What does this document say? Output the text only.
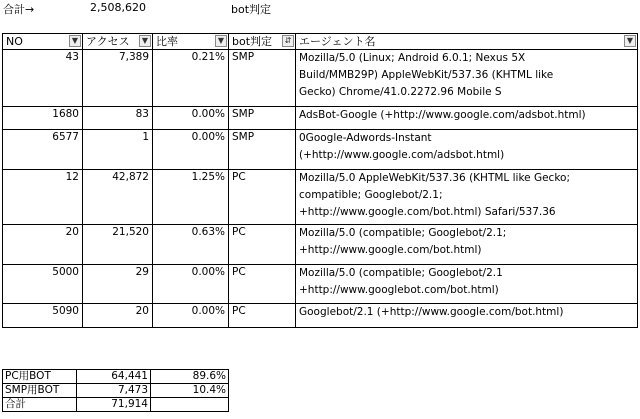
合計→	2,508,620	bot判定
NO ▼	アクセス ▼	比率 ▼	bot判定 ⇵	エージェント名 ▼

43	7,389	0.21%	SMP	Mozilla/5.0 (Linux; Android 6.0.1; Nexus 5X
Build/MMB29P) AppleWebKit/537.36 (KHTML like
Gecko) Chrome/41.0.2272.96 Mobile S

1680	83	0.00%	SMP	AdsBot-Google (+http://www.google.com/adsbot.html)

6577	1	0.00%	SMP	0Google-Adwords-Instant
(+http://www.google.com/adsbot.html)

12	42,872	1.25%	PC	Mozilla/5.0 AppleWebKit/537.36 (KHTML like Gecko;
compatible; Googlebot/2.1;
+http://www.google.com/bot.html) Safari/537.36

20	21,520	0.63%	PC	Mozilla/5.0 (compatible; Googlebot/2.1;
+http://www.google.com/bot.html)

5000	29	0.00%	PC	Mozilla/5.0 (compatible; Googlebot/2.1
+http://www.googlebot.com/bot.html)

5090	20	0.00%	PC	Googlebot/2.1 (+http://www.google.com/bot.html)
PC用BOT	64,441	89.6%
SMP用BOT	7,473	10.4%
合計	71,914	
